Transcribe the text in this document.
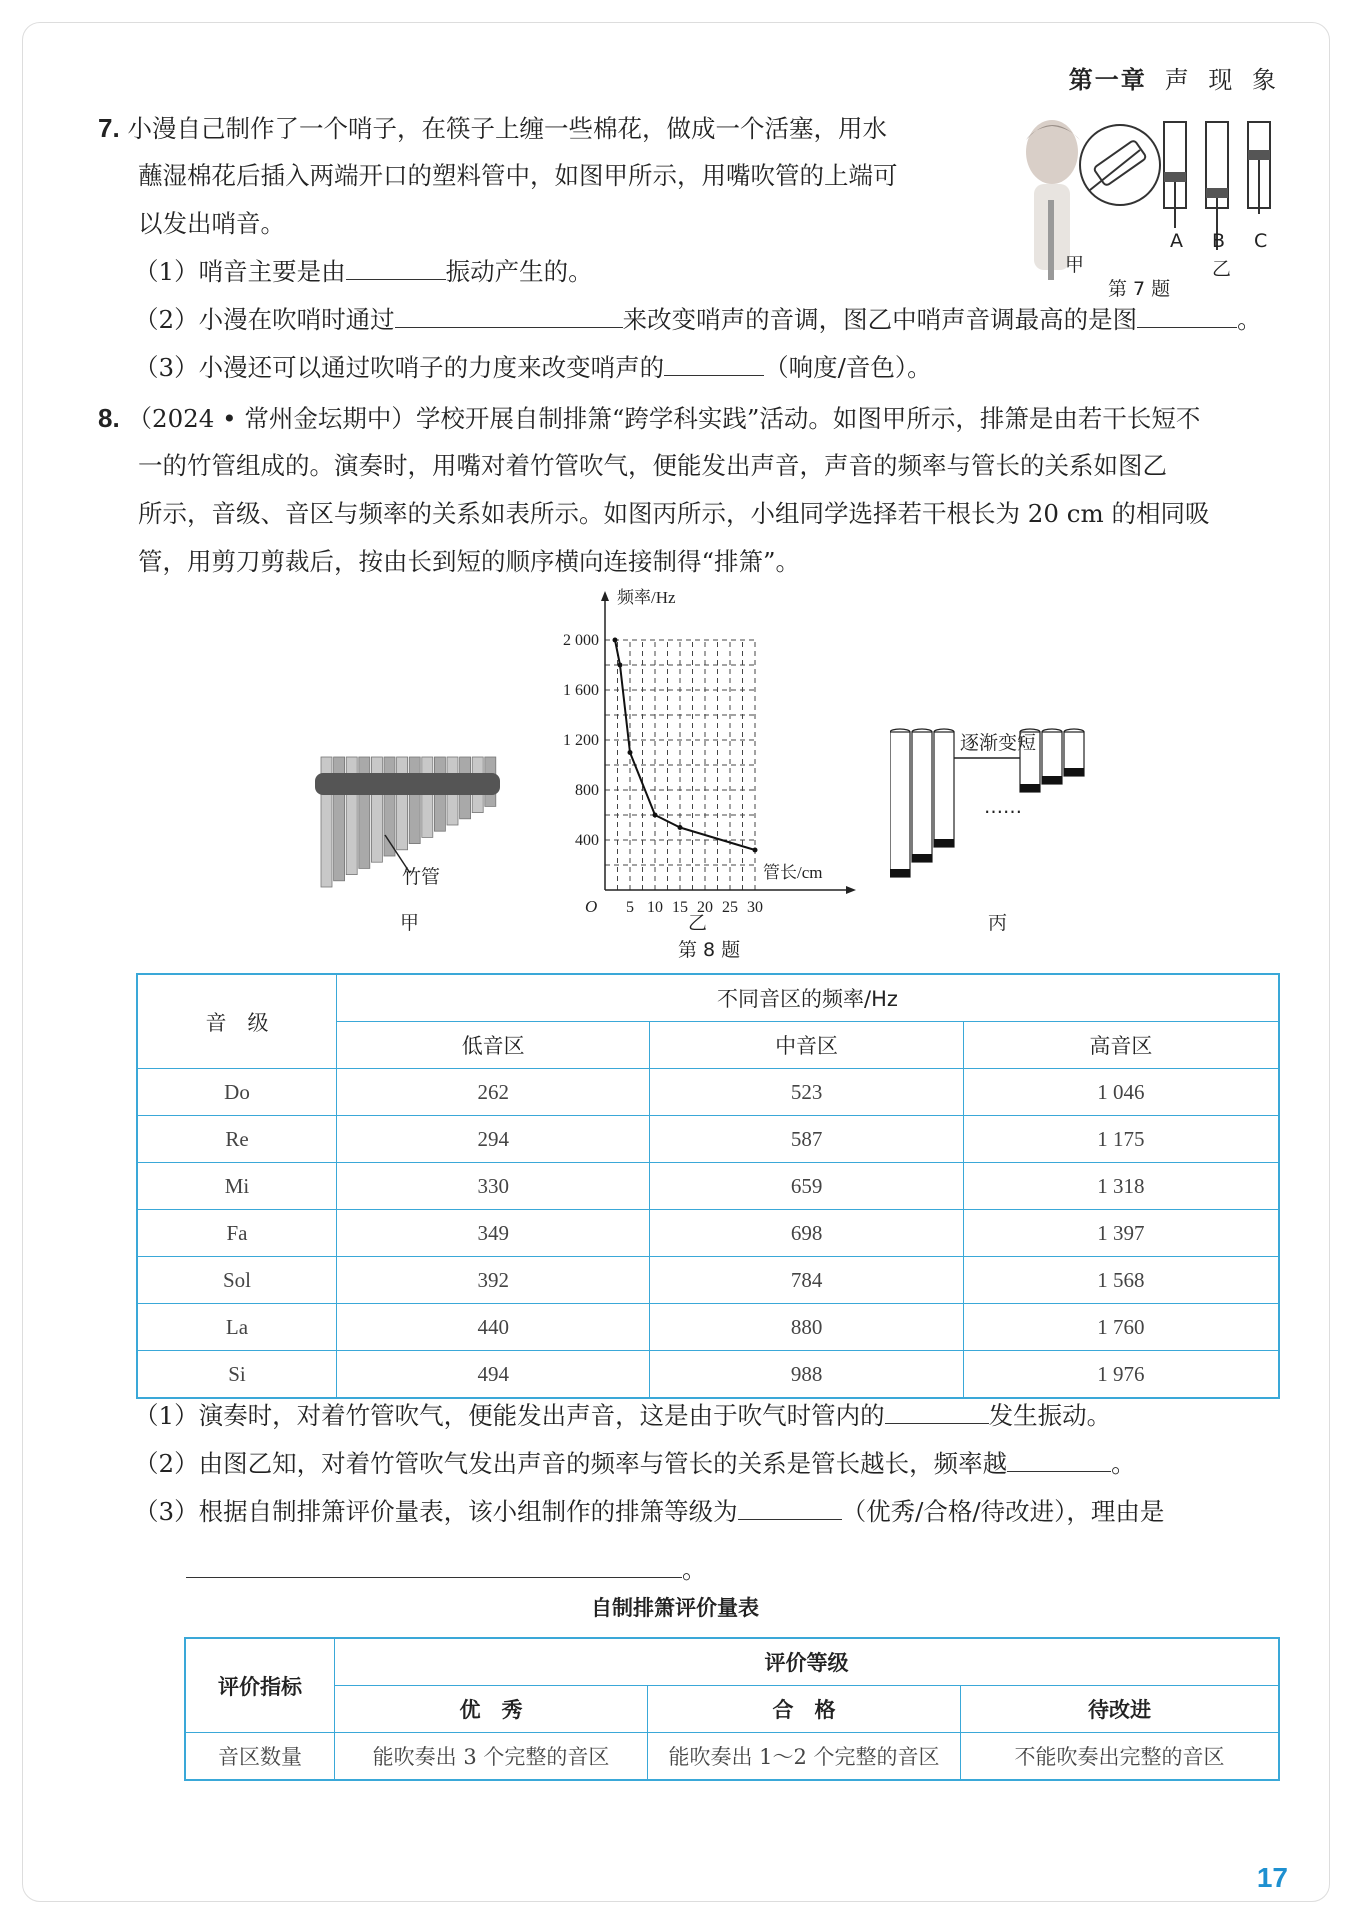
第一章 声 现 象
7. 小漫自己制作了一个哨子，在筷子上缠一些棉花，做成一个活塞，用水
蘸湿棉花后插入两端开口的塑料管中，如图甲所示，用嘴吹管的上端可
以发出哨音。
（1）哨音主要是由	振动产生的。
（2）小漫在吹哨时通过	来改变哨声的音调，图乙中哨声音调最高的是图	。
（3）小漫还可以通过吹哨子的力度来改变哨声的	（响度/音色）。
A B C
甲	乙
第 7 题
8. （2024 • 常州金坛期中）学校开展自制排箫“跨学科实践”活动。如图甲所示，排箫是由若干长短不
一的竹管组成的。演奏时，用嘴对着竹管吹气，便能发出声音，声音的频率与管长的关系如图乙
所示，音级、音区与频率的关系如表所示。如图丙所示，小组同学选择若干根长为 20 cm 的相同吸
管，用剪刀剪裁后，按由长到短的顺序横向连接制得“排箫”。
竹管
甲
频率/Hz
管长/cm
O 5 10 15 20 25 30
400
800
1 200
1 600
2 000
乙
第 8 题
逐渐变短
……
丙
音　级	不同音区的频率/Hz		
	低音区	中音区	高音区
Do	262	523	1 046
Re	294	587	1 175
Mi	330	659	1 318
Fa	349	698	1 397
Sol	392	784	1 568
La	440	880	1 760
Si	494	988	1 976
（1）演奏时，对着竹管吹气，便能发出声音，这是由于吹气时管内的	发生振动。
（2）由图乙知，对着竹管吹气发出声音的频率与管长的关系是管长越长，频率越	。
（3）根据自制排箫评价量表，该小组制作的排箫等级为	（优秀/合格/待改进），理由是
。
自制排箫评价量表
评价指标	评价等级		
	优　秀	合　格	待改进
音区数量	能吹奏出 3 个完整的音区	能吹奏出 1～2 个完整的音区	不能吹奏出完整的音区
17
